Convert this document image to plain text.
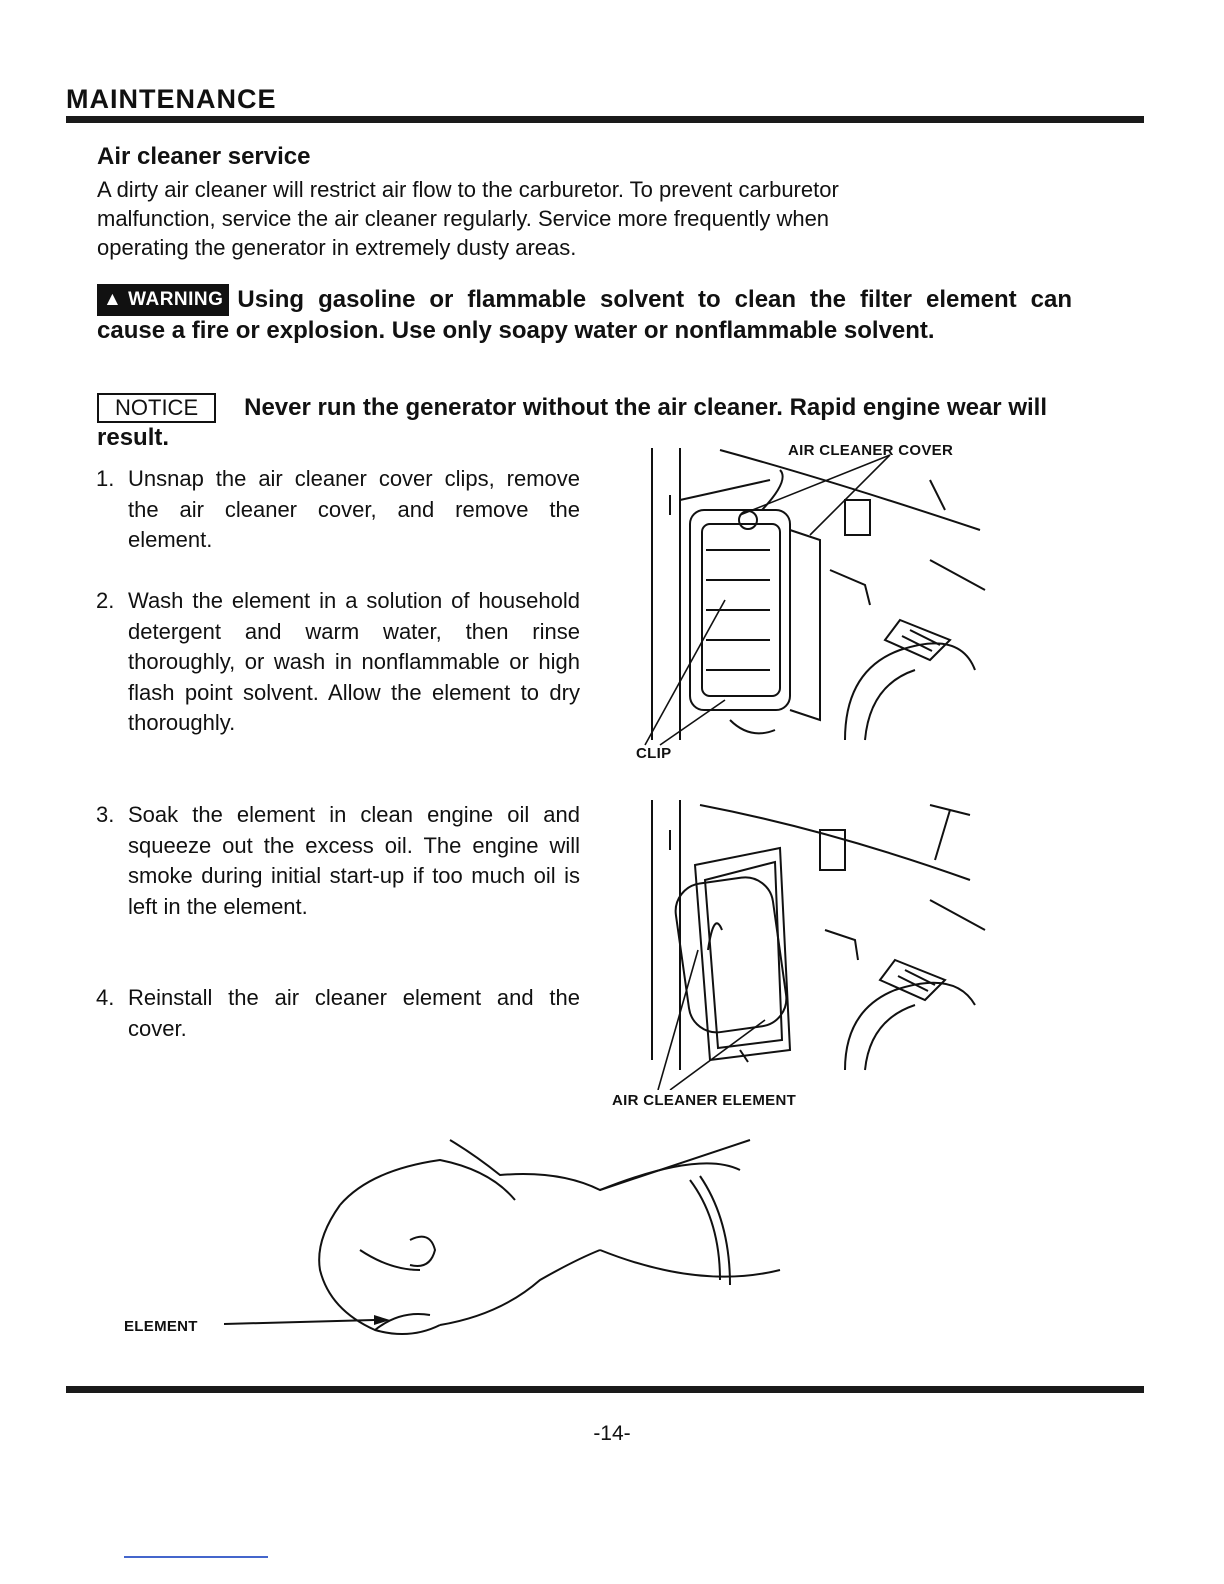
MAINTENANCE
Air cleaner service
A dirty air cleaner will restrict air flow to the carburetor. To prevent carburetor
malfunction, service the air cleaner regularly. Service more frequently when
operating the generator in extremely dusty areas.
▲ WARNING Using gasoline or flammable solvent to clean the filter element can cause a fire or explosion. Use only soapy water or nonflammable solvent.
NOTICE Never run the generator without the air cleaner. Rapid engine wear will result.
1. Unsnap the air cleaner cover clips, remove the air cleaner cover, and remove the element.
2. Wash the element in a solution of household detergent and warm water, then rinse thoroughly, or wash in nonflammable or high flash point solvent. Allow the element to dry thoroughly.
3. Soak the element in clean engine oil and squeeze out the excess oil. The engine will smoke during initial start-up if too much oil is left in the element.
4. Reinstall the air cleaner element and the cover.
AIR CLEANER COVER
CLIP
AIR CLEANER ELEMENT
ELEMENT
-14-
